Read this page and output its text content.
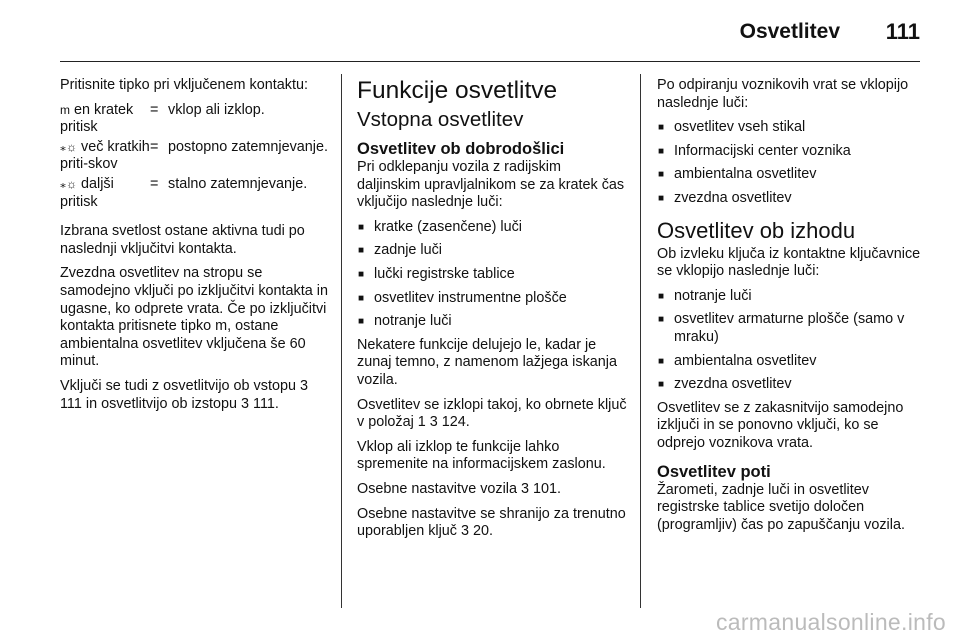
Osvetlitev 111

Pritisnite tipko pri vključenem kontaktu:

m en kratek pritisk
= vklop ali izklop.
⁎☼ več kratkih priti-skov
= postopno zatemnjevanje.
⁎☼ daljši pritisk
= stalno zatemnjevanje.

Izbrana svetlost ostane aktivna tudi po naslednji vključitvi kontakta.

Zvezdna osvetlitev na stropu se samodejno vključi po izključitvi kontakta in ugasne, ko odprete vrata. Če po izključitvi kontakta pritisnete tipko m, ostane ambientalna osvetlitev vključena še 60 minut.

Vključi se tudi z osvetlitvijo ob vstopu 3 111 in osvetlitvijo ob izstopu 3 111.

Funkcije osvetlitve
Vstopna osvetlitev
Osvetlitev ob dobrodošlici

Pri odklepanju vozila z radijskim daljinskim upravljalnikom se za kratek čas vključijo naslednje luči:

■ kratke (zasenčene) luči
■ zadnje luči
■ lučki registrske tablice
■ osvetlitev instrumentne plošče
■ notranje luči

Nekatere funkcije delujejo le, kadar je zunaj temno, z namenom lažjega iskanja vozila.

Osvetlitev se izklopi takoj, ko obrnete ključ v položaj 1 3 124.

Vklop ali izklop te funkcije lahko spremenite na informacijskem zaslonu.

Osebne nastavitve vozila 3 101.

Osebne nastavitve se shranijo za trenutno uporabljen ključ 3 20.

Po odpiranju voznikovih vrat se vklopijo naslednje luči:

■ osvetlitev vseh stikal
■ Informacijski center voznika
■ ambientalna osvetlitev
■ zvezdna osvetlitev
Osvetlitev ob izhodu

Ob izvleku ključa iz kontaktne ključavnice se vklopijo naslednje luči:

■ notranje luči
■ osvetlitev armaturne plošče (samo v mraku)
■ ambientalna osvetlitev
■ zvezdna osvetlitev

Osvetlitev se z zakasnitvijo samodejno izključi in se ponovno vključi, ko se odprejo voznikova vrata.

Osvetlitev poti

Žarometi, zadnje luči in osvetlitev registrske tablice svetijo določen (programljiv) čas po zapuščanju vozila.

carmanualsonline.info
